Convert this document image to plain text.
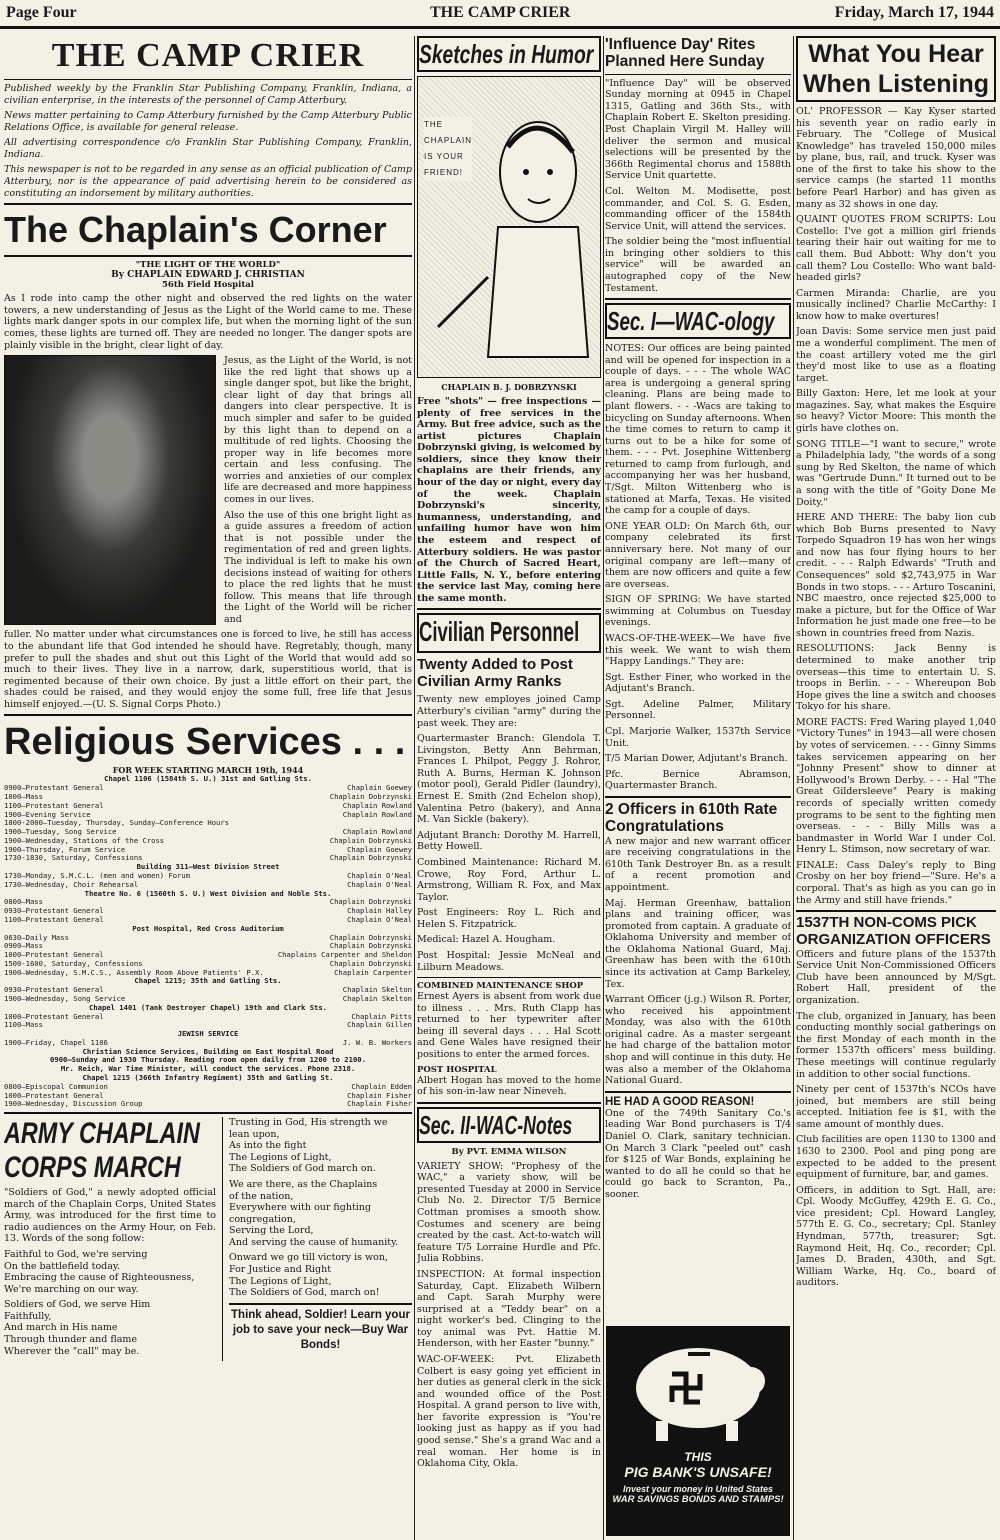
Page Four	THE CAMP CRIER	Friday, March 17, 1944
THE CAMP CRIER

Published weekly by the Franklin Star Publishing Company, Franklin, Indiana, a civilian enterprise, in the interests of the personnel of Camp Atterbury.

News matter pertaining to Camp Atterbury furnished by the Camp Atterbury Public Relations Office, is available for general release.

All advertising correspondence c/o Franklin Star Publishing Company, Franklin, Indiana.

This newspaper is not to be regarded in any sense as an official publication of Camp Atterbury, nor is the appearance of paid advertising herein to be considered as constituting an indorsement by military authorities.

The Chaplain's Corner
"THE LIGHT OF THE WORLD"
By CHAPLAIN EDWARD J. CHRISTIAN
56th Field Hospital

As I rode into camp the other night and observed the red lights on the water towers, a new understanding of Jesus as the Light of the World came to me. These lights mark danger spots in our complex life, but when the morning light of the sun comes, these lights are turned off. They are needed no longer. The danger spots are plainly visible in the bright, clear light of day.

Jesus, as the Light of the World, is not like the red light that shows up a single danger spot, but like the bright, clear light of day that brings all dangers into clear perspective. It is much simpler and safer to be guided by this light than to depend on a multitude of red lights. Choosing the proper way in life becomes more certain and less confusing. The worries and anxieties of our complex life are decreased and more happiness comes in our lives.

Also the use of this one bright light as a guide assures a freedom of action that is not possible under the regimentation of red and green lights. The individual is left to make his own decisions instead of waiting for others to place the red lights that he must follow. This means that life through the Light of the World will be richer and

fuller. No matter under what circumstances one is forced to live, he still has access to the abundant life that God intended he should have. Regretably, though, many prefer to pull the shades and shut out this Light of the World that would add so much to their lives. They live in a narrow, dark, superstitious world, that is regimented because of their own choice. By just a little effort on their part, the shades could be raised, and they would enjoy the some full, free life that Jesus himself enjoyed.—(U. S. Signal Corps Photo.)

Religious Services . . .
FOR WEEK STARTING MARCH 19th, 1944
Chapel 1106 (1584th S. U.) 31st and Gatling Sts.
0900—Protestant General	Chaplain Goewey
1000—Mass	Chaplain Dobrzynski
1100—Protestant General	Chaplain Rowland
1900—Evening Service	Chaplain Rowland
1800-2000—Tuesday, Thursday, Sunday—Conference Hours
1900—Tuesday, Song Service	Chaplain Rowland
1900—Wednesday, Stations of the Cross	Chaplain Dobrzynski
1900—Thursday, Forum Service	Chaplain Goewey
1730-1830, Saturday, Confessions	Chaplain Dobrzynski
Building 311—West Division Street
1730—Monday, S.M.C.L. (men and women) Forum	Chaplain O'Neal
1730—Wednesday, Choir Rehearsal	Chaplain O'Neal
Theatre No. 6 (1560th S. U.) West Division and Noble Sts.
0800—Mass	Chaplain Dobrzynski
0930—Protestant General	Chaplain Halley
1100—Protestant General	Chaplain O'Neal
Post Hospital, Red Cross Auditorium
0630—Daily Mass	Chaplain Dobrzynski
0900—Mass	Chaplain Dobrzynski
1000—Protestant General	Chaplains Carpenter and Sheldon
1500-1600, Saturday, Confessions	Chaplain Dobrzynski
1900—Wednesday, S.M.C.S., Assembly Room Above Patients' P.X.	Chaplain Carpenter
Chapel 1215; 35th and Gatling Sts.
0930—Protestant General	Chaplain Skelton
1900—Wednesday, Song Service	Chaplain Skelton
Chapel 1401 (Tank Destroyer Chapel) 19th and Clark Sts.
1000—Protestant General	Chaplain Pitts
1100—Mass	Chaplain Gillen
JEWISH SERVICE
1900—Friday, Chapel 1106	J. W. B. Workers
Christian Science Services, Building on East Hospital Road
0900—Sunday and 1930 Thursday. Reading room open daily from 1200 to 2100.
Mr. Reich, War Time Minister, will conduct the services. Phone 2318.
Chapel 1215 (366th Infantry Regiment) 35th and Gatling St.
0800—Episcopal Communion	Chaplain Edden
1000—Protestant General	Chaplain Fisher
1900—Wednesday, Discussion Group	Chaplain Fisher
ARMY CHAPLAIN
CORPS MARCH

"Soldiers of God," a newly adopted official march of the Chaplain Corps, United States Army, was introduced for the first time to radio audiences on the Army Hour, on Feb. 13. Words of the song follow:

Faithful to God, we're serving
On the battlefield today.
Embracing the cause of Righteousness,
We're marching on our way.

Soldiers of God, we serve Him
Faithfully,
And march in His name
Through thunder and flame
Wherever the "call" may be.

Trusting in God, His strength we
lean upon,
As into the fight
The Legions of Light,
The Soldiers of God march on.

We are there, as the Chaplains
of the nation,
Everywhere with our fighting
congregation,
Serving the Lord,
And serving the cause of humanity.

Onward we go till victory is won,
For Justice and Right
The Legions of Light,
The Soldiers of God, march on!

Think ahead, Soldier! Learn your job to save your neck—Buy War Bonds!
Sketches in Humor
THE
CHAPLAIN
IS YOUR
FRIEND!
CHAPLAIN B. J. DOBRZYNSKI

Free "shots" — free inspections — plenty of free services in the Army. But free advice, such as the artist pictures Chaplain Dobrzynski giving, is welcomed by soldiers, since they know their chaplains are their friends, any hour of the day or night, every day of the week. Chaplain Dobrzynski's sincerity, humanness, understanding, and unfailing humor have won him the esteem and respect of Atterbury soldiers. He was pastor of the Church of Sacred Heart, Little Falls, N. Y., before entering the service last May, coming here the same month.

Civilian Personnel
Twenty Added to Post Civilian Army Ranks

Twenty new employes joined Camp Atterbury's civilian "army" during the past week. They are:

Quartermaster Branch: Glendola T. Livingston, Betty Ann Behrman, Frances I. Philpot, Peggy J. Rohror, Ruth A. Burns, Herman K. Johnson (motor pool), Gerald Pidler (laundry), Ernest E. Smith (2nd Echelon shop), Valentina Petro (bakery), and Anna M. Van Sickle (bakery).

Adjutant Branch: Dorothy M. Harrell, Betty Howell.

Combined Maintenance: Richard M. Crowe, Roy Ford, Arthur L. Armstrong, William R. Fox, and Max Taylor.

Post Engineers: Roy L. Rich and Helen S. Fitzpatrick.

Medical: Hazel A. Hougham.

Post Hospital: Jessie McNeal and Lilburn Meadows.

COMBINED MAINTENANCE SHOP

Ernest Ayers is absent from work due to illness . . . Mrs. Ruth Clapp has returned to her typewriter after being ill several days . . . Hal Scott and Gene Wales have resigned their positions to enter the armed forces.

POST HOSPITAL

Albert Hogan has moved to the home of his son-in-law near Nineveh.

Sec. II-WAC-Notes
By PVT. EMMA WILSON

VARIETY SHOW: "Prophesy of the WAC," a variety show, will be presented Tuesday at 2000 in Service Club No. 2. Director T/5 Bernice Cottman promises a smooth show. Costumes and scenery are being created by the cast. Act-to-watch will feature T/5 Lorraine Hurdle and Pfc. Julia Robbins.

INSPECTION: At formal inspection Saturday, Capt. Elizabeth Wilbern and Capt. Sarah Murphy were surprised at a "Teddy bear" on a night worker's bed. Clinging to the toy animal was Pvt. Hattie M. Henderson, with her Easter "bunny."

WAC-OF-WEEK: Pvt. Elizabeth Colbert is easy going yet efficient in her duties as general clerk in the sick and wounded office of the Post Hospital. A grand person to live with, her favorite expression is "You're looking just as happy as if you had good sense." She's a grand Wac and a real woman. Her home is in Oklahoma City, Okla.

'Influence Day' Rites Planned Here Sunday

"Influence Day" will be observed Sunday morning at 0945 in Chapel 1315, Gatling and 36th Sts., with Chaplain Robert E. Skelton presiding. Post Chaplain Virgil M. Halley will deliver the sermon and musical selections will be presented by the 366th Regimental chorus and 1588th Service Unit quartette.

Col. Welton M. Modisette, post commander, and Col. S. G. Esden, commanding officer of the 1584th Service Unit, will attend the services.

The soldier being the "most influential in bringing other soldiers to this service" will be awarded an autographed copy of the New Testament.

Sec. I—WAC-ology

NOTES: Our offices are being painted and will be opened for inspection in a couple of days. - - - The whole WAC area is undergoing a general spring cleaning. Plans are being made to plant flowers. - - -Wacs are taking to bicycling on Sunday afternoons. When the time comes to return to camp it turns out to be a hike for some of them. - - - Pvt. Josephine Wittenberg returned to camp from furlough, and accompanying her was her husband, T/Sgt. Milton Wittenberg who is stationed at Marfa, Texas. He visited the camp for a couple of days.

ONE YEAR OLD: On March 6th, our company celebrated its first anniversary here. Not many of our original company are left—many of them are now officers and quite a few are overseas.

SIGN OF SPRING: We have started swimming at Columbus on Tuesday evenings.

WACS-OF-THE-WEEK—We have five this week. We want to wish them "Happy Landings." They are:

Sgt. Esther Finer, who worked in the Adjutant's Branch.

Sgt. Adeline Palmer, Military Personnel.

Cpl. Marjorie Walker, 1537th Service Unit.

T/5 Marian Dower, Adjutant's Branch.

Pfc. Bernice Abramson, Quartermaster Branch.

2 Officers in 610th Rate Congratulations

A new major and new warrant officer are receiving congratulations in the 610th Tank Destroyer Bn. as a result of a recent promotion and appointment.

Maj. Herman Greenhaw, battalion plans and training officer, was promoted from captain. A graduate of Oklahoma University and member of the Oklahoma National Guard, Maj. Greenhaw has been with the 610th since its activation at Camp Barkeley, Tex.

Warrant Officer (j.g.) Wilson R. Porter, who received his appointment Monday, was also with the 610th original cadre. As a master sergeant he had charge of the battalion motor shop and will continue in this duty. He was also a member of the Oklahoma National Guard.

HE HAD A GOOD REASON!

One of the 749th Sanitary Co.'s leading War Bond purchasers is T/4 Daniel O. Clark, sanitary technician. On March 3 Clark "peeled out" cash for $125 of War Bonds, explaining he wanted to do all he could so that he could go back to Scranton, Pa., sooner.

What You Hear
When Listening

OL' PROFESSOR — Kay Kyser started his seventh year on radio early in February. The "College of Musical Knowledge" has traveled 150,000 miles by plane, bus, rail, and truck. Kyser was one of the first to take his show to the service camps (he started 11 months before Pearl Harbor) and has given as many as 32 shows in one day.

QUAINT QUOTES FROM SCRIPTS: Lou Costello: I've got a million girl friends tearing their hair out waiting for me to call them. Bud Abbott: Why don't you call them? Lou Costello: Who want bald-headed girls?

Carmen Miranda: Charlie, are you musically inclined? Charlie McCarthy: I know how to make overtures!

Joan Davis: Some service men just paid me a wonderful compliment. The men of the coast artillery voted me the girl they'd most like to use as a floating target.

Billy Gaxton: Here, let me look at your magazines. Say, what makes the Esquire so heavy? Victor Moore: This month the girls have clothes on.

SONG TITLE—"I want to secure," wrote a Philadelphia lady, "the words of a song sung by Red Skelton, the name of which was "Gertrude Dunn." It turned out to be a song with the title of "Goity Done Me Doity."

HERE AND THERE: The baby lion cub which Bob Burns presented to Navy Torpedo Squadron 19 has won her wings and now has four flying hours to her credit. - - - Ralph Edwards' "Truth and Consequences" sold $2,743,975 in War Bonds in two stops. - - - Arturo Toscanini, NBC maestro, once rejected $25,000 to make a picture, but for the Office of War Information he just made one free—to be shown in countries freed from Nazis.

RESOLUTIONS: Jack Benny is determined to make another trip overseas—this time to entertain U. S. troops in Berlin. - - - Whereupon Bob Hope gives the line a switch and chooses Tokyo for his share.

MORE FACTS: Fred Waring played 1,040 "Victory Tunes" in 1943—all were chosen by votes of servicemen. - - - Ginny Simms takes servicemen appearing on her "Johnny Present" show to dinner at Hollywood's Brown Derby. - - - Hal "The Great Gildersleeve" Peary is making records of specially written comedy programs to be sent to the fighting men overseas. - - - Billy Mills was a bandmaster in World War I under Col. Henry L. Stimson, now secretary of war.

FINALE: Cass Daley's reply to Bing Crosby on her boy friend—"Sure. He's a corporal. That's as high as you can go in the Army and still have friends."

1537TH NON-COMS PICK ORGANIZATION OFFICERS

Officers and future plans of the 1537th Service Unit Non-Commissioned Officers Club have been announced by M/Sgt. Robert Hall, president of the organization.

The club, organized in January, has been conducting monthly social gatherings on the first Monday of each month in the former 1537th officers' mess building. These meetings will continue regularly in addition to other social functions.

Ninety per cent of 1537th's NCOs have joined, but members are still being accepted. Initiation fee is $1, with the same amount of monthly dues.

Club facilities are open 1130 to 1300 and 1630 to 2300. Pool and ping pong are expected to be added to the present equipment of furniture, bar, and games.

Officers, in addition to Sgt. Hall, are: Cpl. Woody McGuffey, 429th E. G. Co., vice president; Cpl. Howard Langley, 577th E. G. Co., secretary; Cpl. Stanley Hyndman, 577th, treasurer; Sgt. Raymond Heit, Hq. Co., recorder; Cpl. James D. Braden, 430th, and Sgt. William Warke, Hq. Co., board of auditors.

THIS
PIG BANK'S UNSAFE!
Invest your money in United States
WAR SAVINGS BONDS AND STAMPS!
